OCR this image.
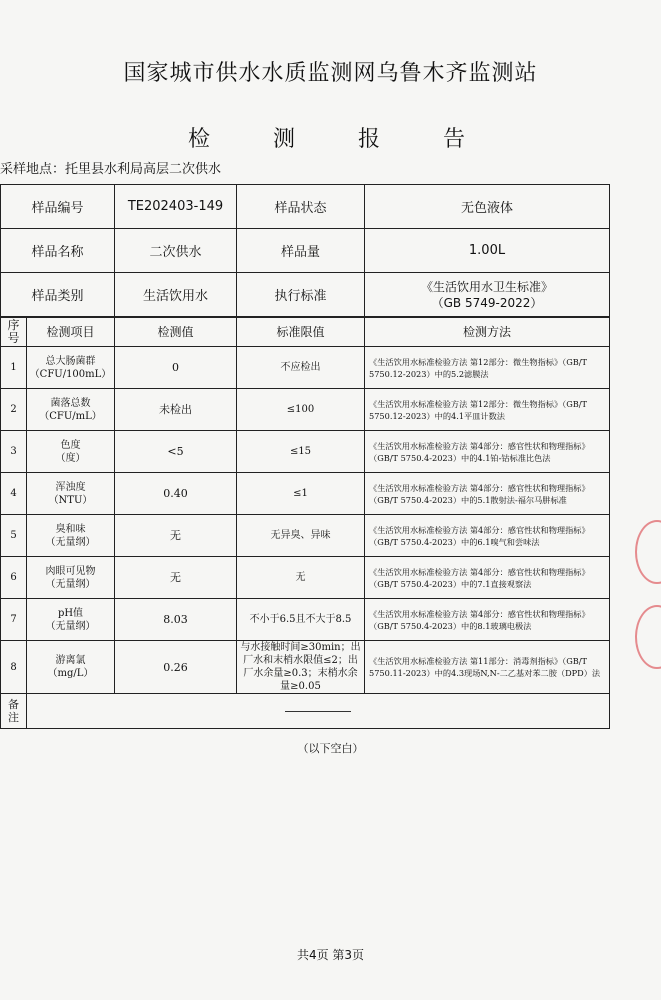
国家城市供水水质监测网乌鲁木齐监测站
检 测 报 告
采样地点：托里县水利局高层二次供水
样品编号	TE202403-149	样品状态	无色液体
样品名称	二次供水	样品量	1.00L
样品类别	生活饮用水	执行标准	《生活饮用水卫生标准》
（GB 5749-2022）
序号	检测项目	检测值	标准限值	检测方法
1	总大肠菌群
（CFU/100mL）	0	不应检出	《生活饮用水标准检验方法 第12部分：微生物指标》（GB/T 5750.12-2023）中的5.2滤膜法
2	菌落总数
（CFU/mL）	未检出	≤100	《生活饮用水标准检验方法 第12部分：微生物指标》（GB/T 5750.12-2023）中的4.1平皿计数法
3	色度
（度）	<5	≤15	《生活饮用水标准检验方法 第4部分：感官性状和物理指标》（GB/T 5750.4-2023）中的4.1铂-钴标准比色法
4	浑浊度
（NTU）	0.40	≤1	《生活饮用水标准检验方法 第4部分：感官性状和物理指标》（GB/T 5750.4-2023）中的5.1散射法-福尔马肼标准
5	臭和味
（无量纲）	无	无异臭、异味	《生活饮用水标准检验方法 第4部分：感官性状和物理指标》（GB/T 5750.4-2023）中的6.1嗅气和尝味法
6	肉眼可见物
（无量纲）	无	无	《生活饮用水标准检验方法 第4部分：感官性状和物理指标》（GB/T 5750.4-2023）中的7.1直接观察法
7	pH值
（无量纲）	8.03	不小于6.5且不大于8.5	《生活饮用水标准检验方法 第4部分：感官性状和物理指标》（GB/T 5750.4-2023）中的8.1玻璃电极法
8	游离氯
（mg/L）	0.26	与水接触时间≥30min；出厂水和末梢水限值≤2；出厂水余量≥0.3；末梢水余量≥0.05	《生活饮用水标准检验方法 第11部分：消毒剂指标》（GB/T 5750.11-2023）中的4.3现场N,N-二乙基对苯二胺（DPD）法
备注				
（以下空白）
共4页 第3页
